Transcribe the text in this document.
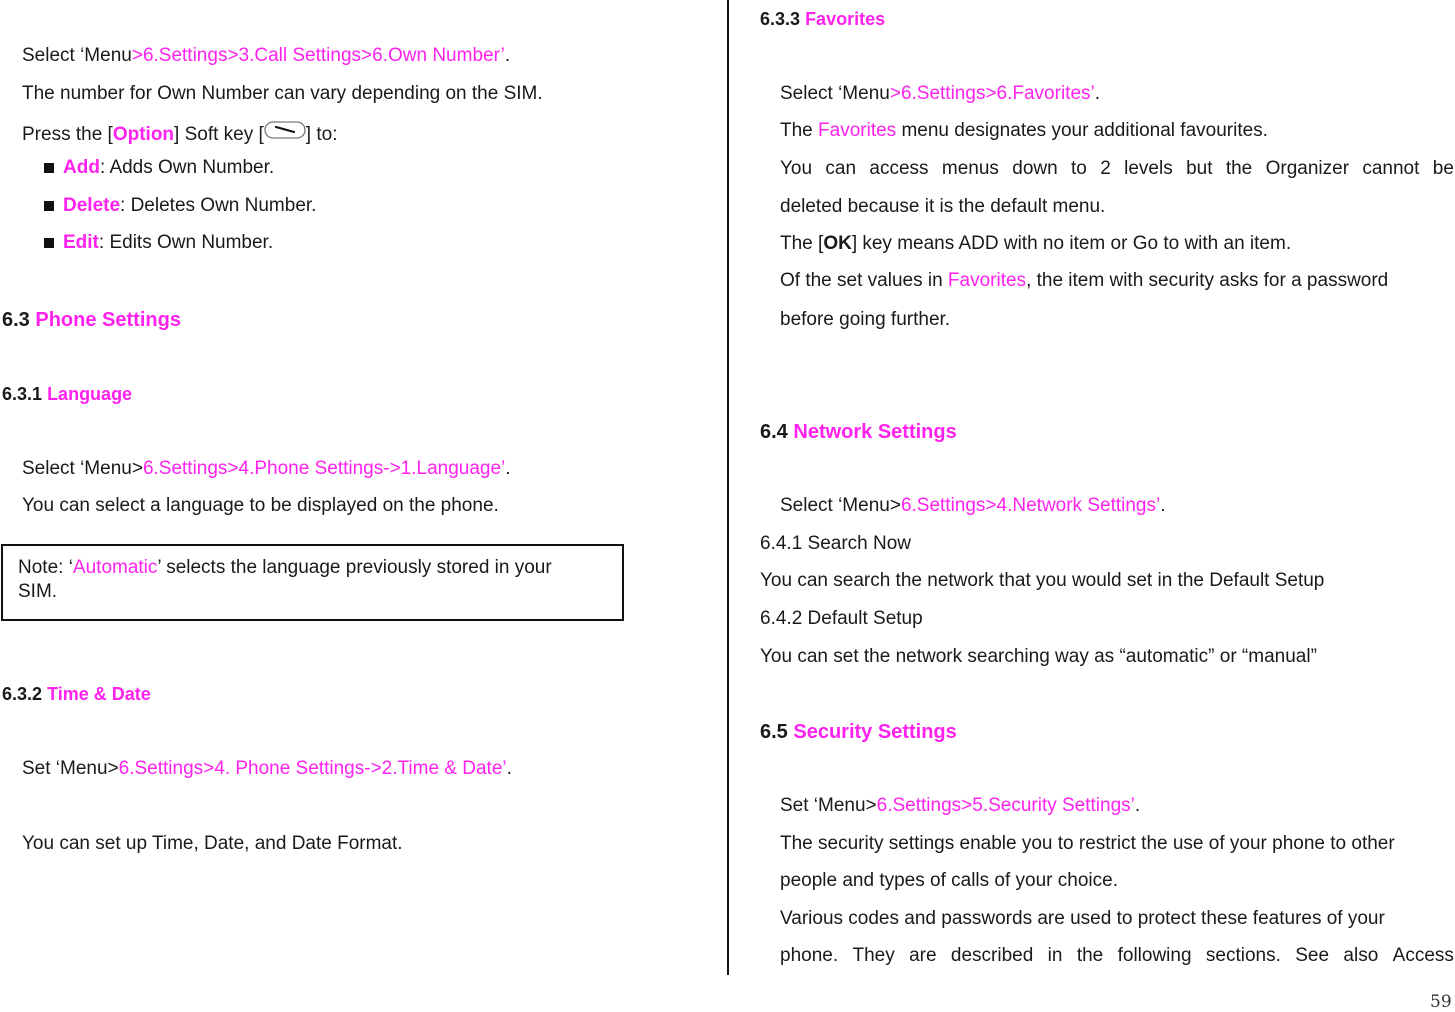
Select ‘Menu>6.Settings>3.Call Settings>6.Own Number’.
The number for Own Number can vary depending on the SIM.
Press the [Option] Soft key [ ] to:
Add: Adds Own Number.
Delete: Deletes Own Number.
Edit: Edits Own Number.
6.3 Phone Settings
6.3.1 Language
Select ‘Menu>6.Settings>4.Phone Settings->1.Language’.
You can select a language to be displayed on the phone.
Note: ‘Automatic’ selects the language previously stored in your
SIM.
6.3.2 Time & Date
Set ‘Menu>6.Settings>4. Phone Settings->2.Time & Date’.
You can set up Time, Date, and Date Format.
6.3.3 Favorites
Select ‘Menu>6.Settings>6.Favorites’.
The Favorites menu designates your additional favourites.
You can access menus down to 2 levels but the Organizer cannot be
deleted because it is the default menu.
The [OK] key means ADD with no item or Go to with an item.
Of the set values in Favorites, the item with security asks for a password
before going further.
6.4 Network Settings
Select ‘Menu>6.Settings>4.Network Settings’.
6.4.1 Search Now
You can search the network that you would set in the Default Setup
6.4.2 Default Setup
You can set the network searching way as “automatic” or “manual”
6.5 Security Settings
Set ‘Menu>6.Settings>5.Security Settings’.
The security settings enable you to restrict the use of your phone to other
people and types of calls of your choice.
Various codes and passwords are used to protect these features of your
phone. They are described in the following sections. See also Access
59
